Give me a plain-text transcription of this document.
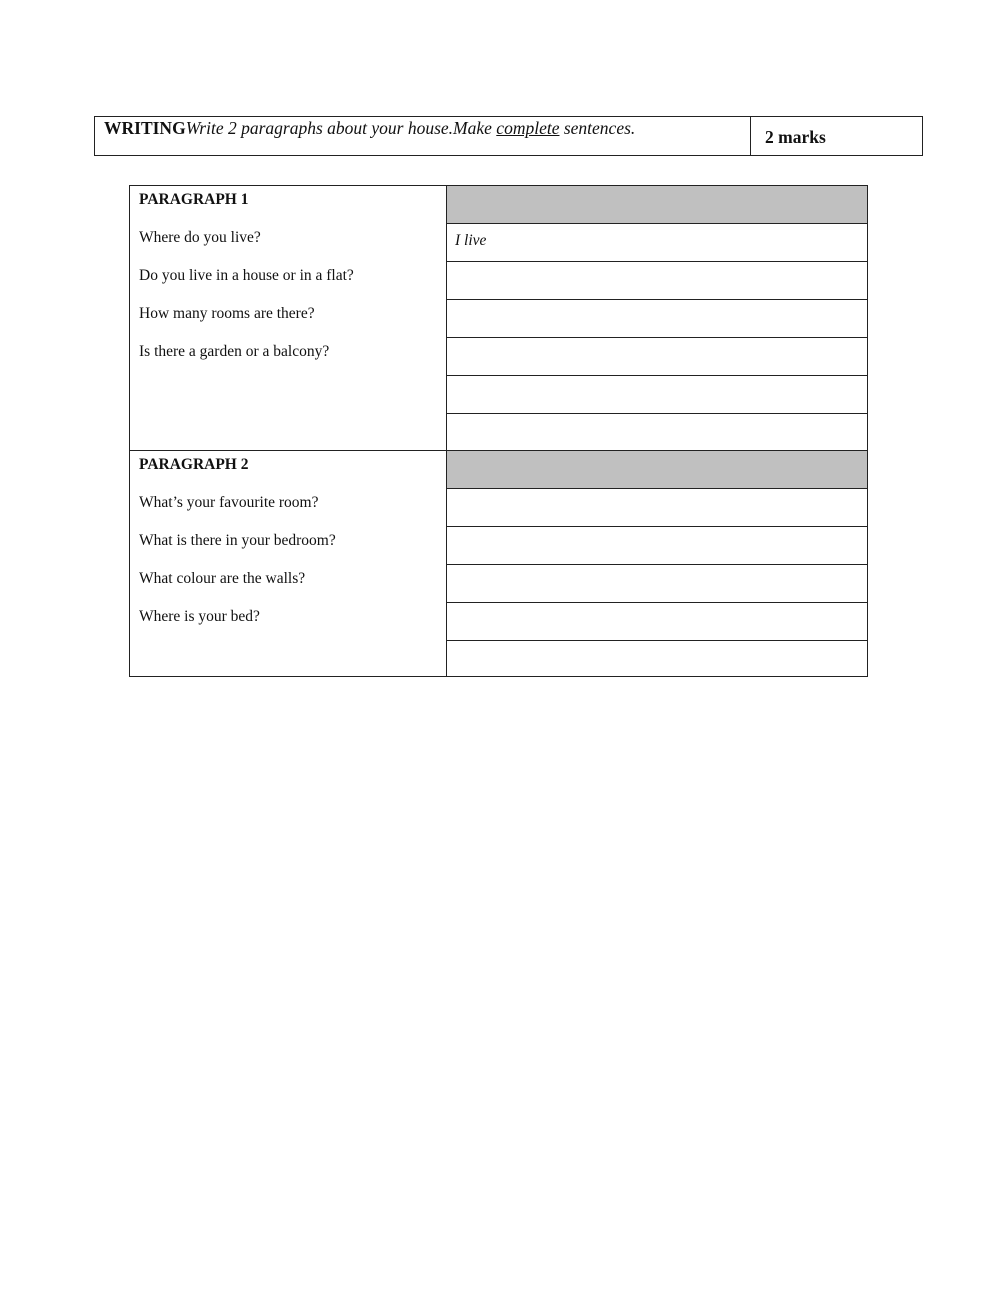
WRITINGWrite 2 paragraphs about your house.Make complete sentences.	2 marks
PARAGRAPH 1
Where do you live?
Do you live in a house or in a flat?
How many rooms are there?
Is there a garden or a balcony?
I live
PARAGRAPH 2
What’s your favourite room?
What is there in your bedroom?
What colour are the walls?
Where is your bed?
